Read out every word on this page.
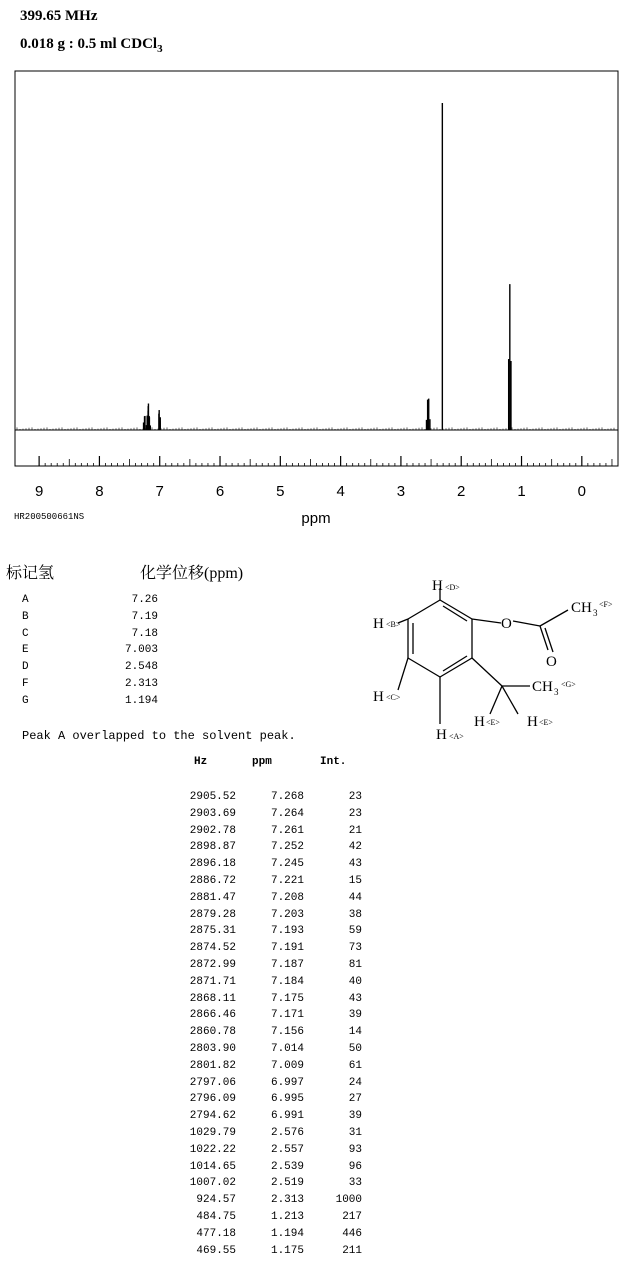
399.65 MHz
0.018 g : 0.5 ml CDCl$_3$
9	8	7	6	5	4	3	2	1	0
ppm
HR200500661NS
标记氢	化学位移(ppm)
A	7.26
B	7.19
C	7.18
E	7.003
D	2.548
F	2.313
G	1.194
Peak A overlapped to the solvent peak.
H <D>
H <B>
H <C>
H <A>
O
O
CH 3
<F>
CH 3
<G>
H <E> H <E>
Hz	ppm	Int.
2905.52	7.268	23
2903.69	7.264	23
2902.78	7.261	21
2898.87	7.252	42
2896.18	7.245	43
2886.72	7.221	15
2881.47	7.208	44
2879.28	7.203	38
2875.31	7.193	59
2874.52	7.191	73
2872.99	7.187	81
2871.71	7.184	40
2868.11	7.175	43
2866.46	7.171	39
2860.78	7.156	14
2803.90	7.014	50
2801.82	7.009	61
2797.06	6.997	24
2796.09	6.995	27
2794.62	6.991	39
1029.79	2.576	31
1022.22	2.557	93
1014.65	2.539	96
1007.02	2.519	33
924.57	2.313	1000
484.75	1.213	217
477.18	1.194	446
469.55	1.175	211
